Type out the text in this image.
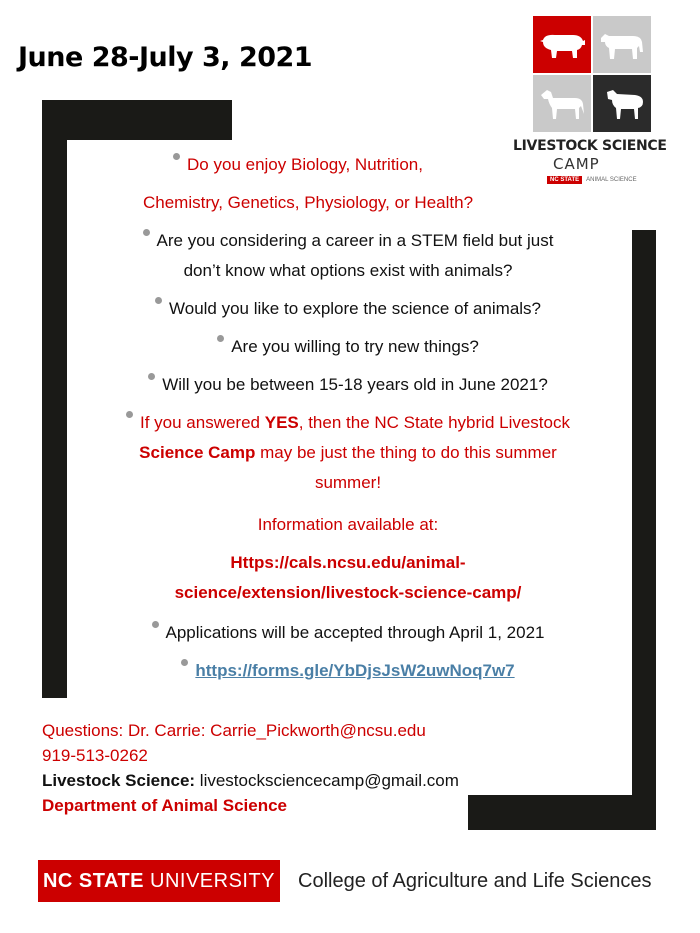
June 28-July 3, 2021
LIVESTOCK SCIENCE
CAMP
NC STATE	ANIMAL SCIENCE

Do you enjoy Biology, Nutrition,

Chemistry, Genetics, Physiology, or Health?

Are you considering a career in a STEM field but just

don’t know what options exist with animals?

Would you like to explore the science of animals?

Are you willing to try new things?

Will you be between 15-18 years old in June 2021?

If you answered YES, then the NC State hybrid Livestock

Science Camp may be just the thing to do this summer

summer!

Information available at:

Https://cals.ncsu.edu/animal-

science/extension/livestock-science-camp/

Applications will be accepted through April 1, 2021

https://forms.gle/YbDjsJsW2uwNoq7w7

Questions: Dr. Carrie: Carrie_Pickworth@ncsu.edu
919-513-0262
Livestock Science: livestocksciencecamp@gmail.com
Department of Animal Science
NC STATE UNIVERSITY College of Agriculture and Life Sciences
